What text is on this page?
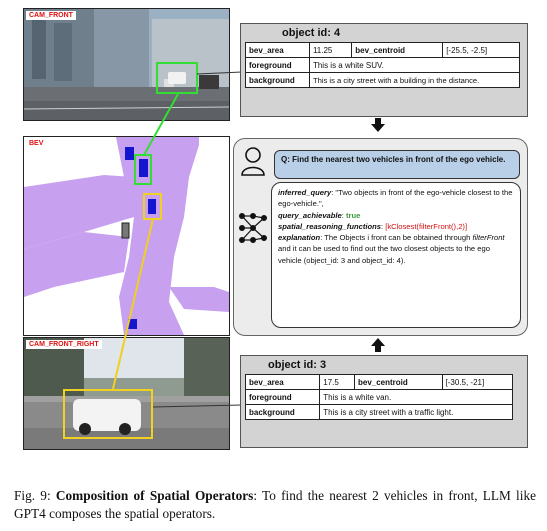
CAM_FRONT
BEV
CAM_FRONT_RIGHT
object id: 4
bev_area	11.25	bev_centroid	[-25.5, -2.5]
foreground	This is a white SUV.		
background	This is a city street with a building in the distance.		
Q: Find the nearest two vehicles in front of the ego vehicle.
inferred_query: "Two objects in front of the ego-vehicle closest to the ego-vehicle.",
query_achievable: true
spatial_reasoning_functions: [kClosest(filterFront(),2)]
explanation: The Objects i front can be obtained through filterFront and it can be used to find out the two closest objects to the ego vehicle (object_id: 3 and object_id: 4).
object id: 3
bev_area	17.5	bev_centroid	[-30.5, -21]
foreground	This is a white van.		
background	This is a city street with a traffic light.		
Fig. 9: Composition of Spatial Operators: To find the nearest 2 vehicles in front, LLM like GPT4 composes the spatial operators.
